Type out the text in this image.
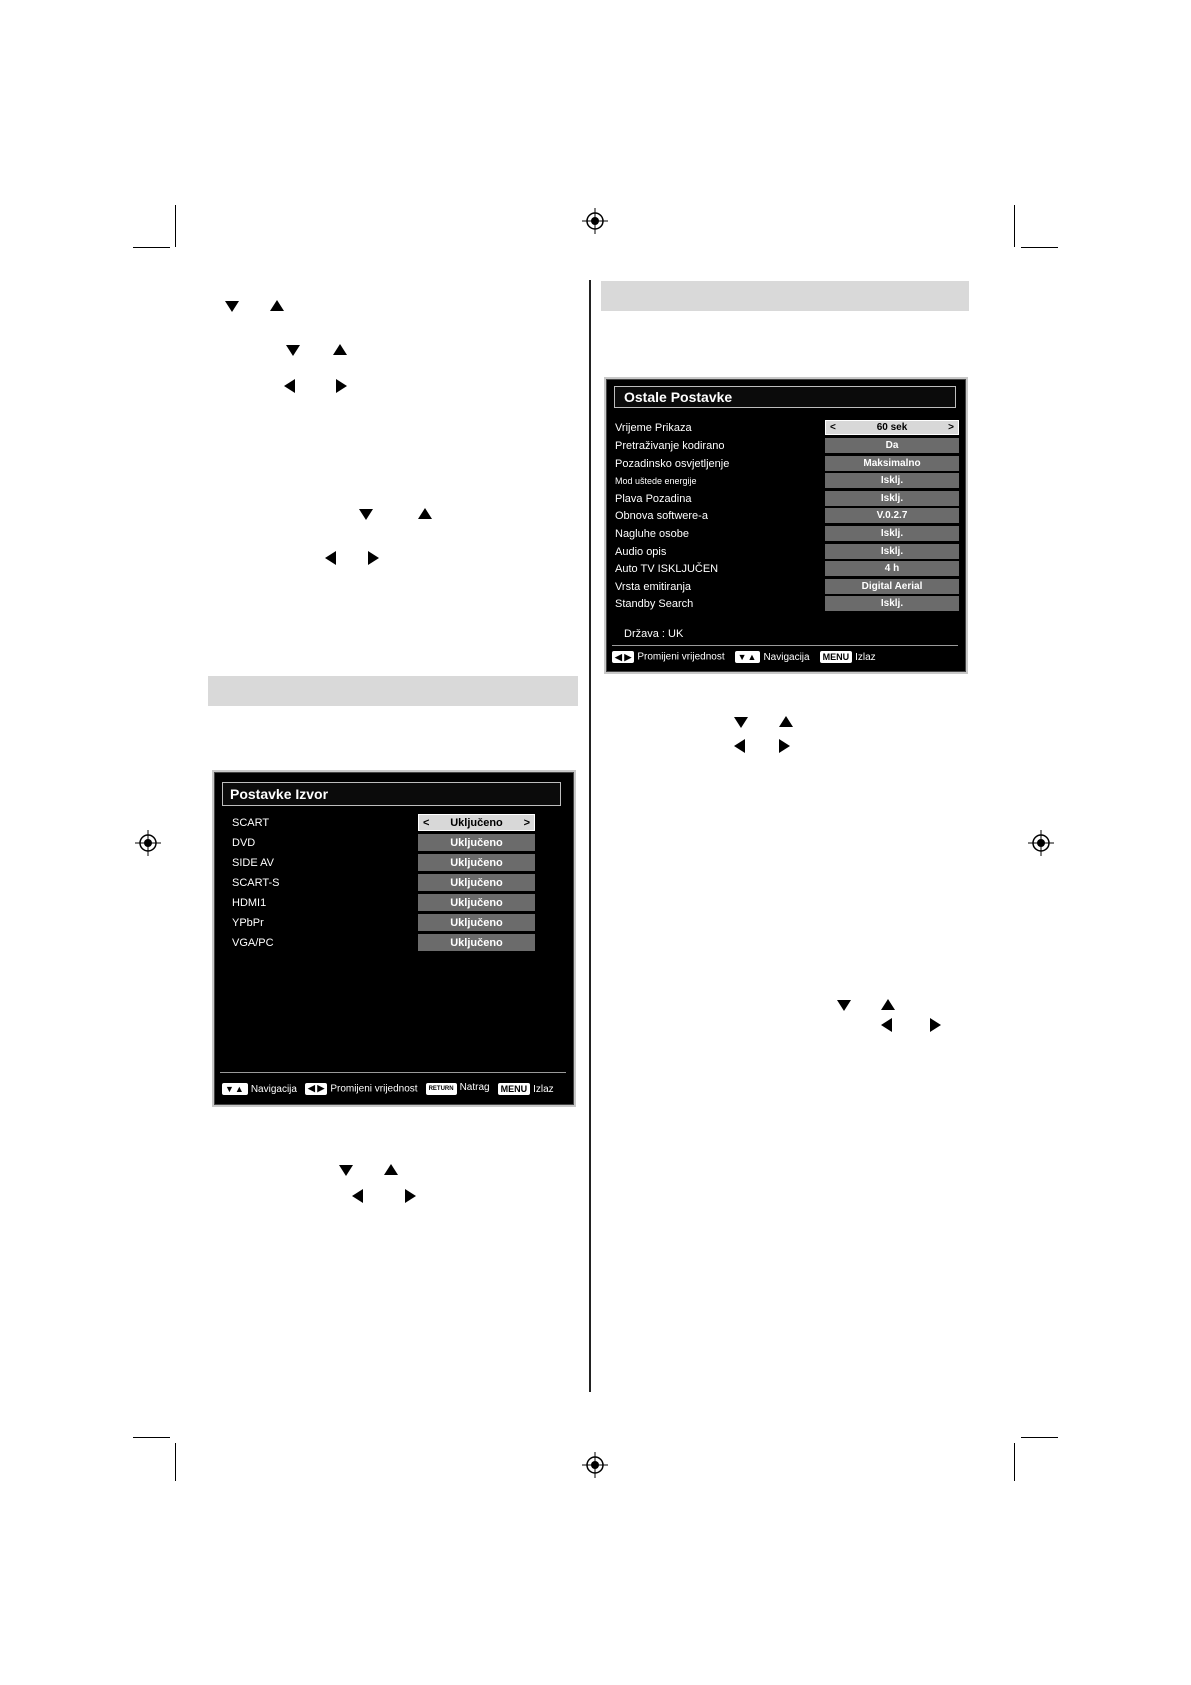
Ostale Postavke
Vrijeme Prikaza	<	60 sek	>
Pretraživanje kodirano	Da
Pozadinsko osvjetljenje	Maksimalno
Mod uštede energije	Isklj.
Plava Pozadina	Isklj.
Obnova softwere-a	V.0.2.7
Nagluhe osobe	Isklj.
Audio opis	Isklj.
Auto TV ISKLJUČEN	4 h
Vrsta emitiranja	Digital Aerial
Standby Search	Isklj.
Država : UK
◀ ▶ Promijeni vrijednost	▼▲ Navigacija	MENU Izlaz
Postavke Izvor
SCART	< Uključeno >
DVD	Uključeno
SIDE AV	Uključeno
SCART-S	Uključeno
HDMI1	Uključeno
YPbPr	Uključeno
VGA/PC	Uključeno
▼▲ Navigacija	◀ ▶ Promijeni vrijednost	RETURN Natrag	MENU Izlaz
